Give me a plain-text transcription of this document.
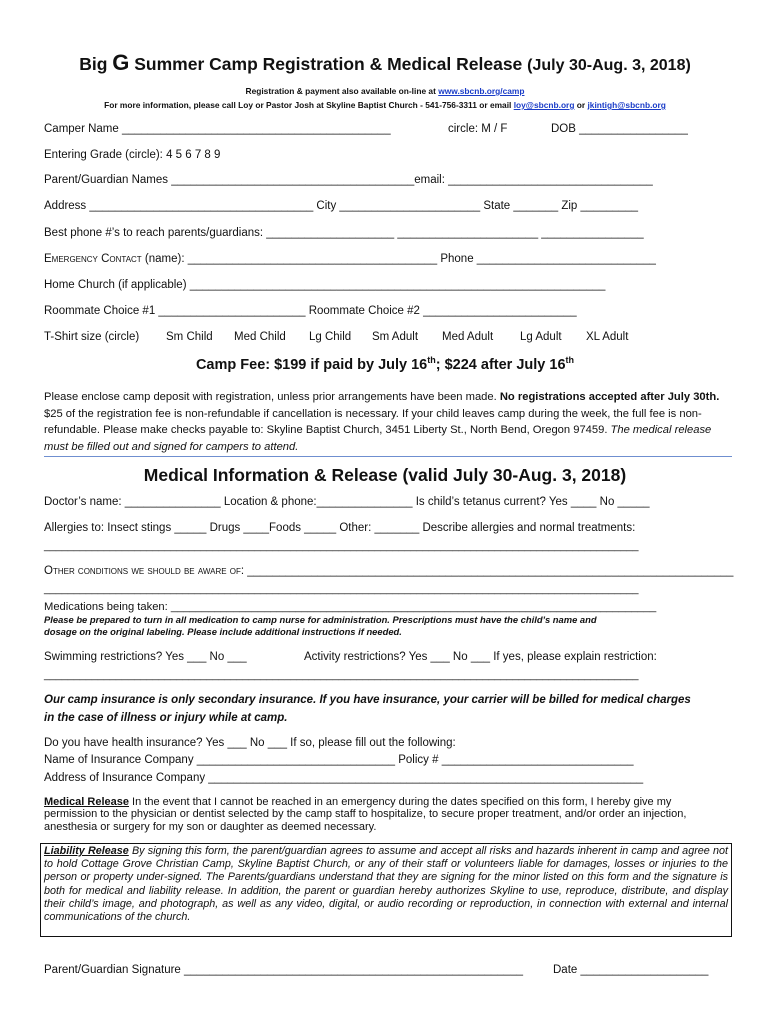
Big G Summer Camp Registration & Medical Release (July 30-Aug. 3, 2018)
Registration & payment also available on-line at www.sbcnb.org/camp
For more information, please call Loy or Pastor Josh at Skyline Baptist Church - 541-756-3311 or email loy@sbcnb.org or jkintigh@sbcnb.org
Camper Name __________________________________________	circle: M / F	DOB _________________
Entering Grade (circle): 4 5 6 7 8 9
Parent/Guardian Names ______________________________________email: ________________________________
Address ___________________________________ City ______________________ State _______ Zip _________
Best phone #’s to reach parents/guardians: ____________________ ______________________ ________________
Emergency Contact (name): _______________________________________ Phone ____________________________
Home Church (if applicable) _________________________________________________________________
Roommate Choice #1 _______________________ Roommate Choice #2 ________________________
T-Shirt size (circle) Sm Child Med Child Lg Child Sm Adult Med Adult Lg Adult XL Adult
Camp Fee: $199 if paid by July 16th; $224 after July 16th
Please enclose camp deposit with registration, unless prior arrangements have been made. No registrations accepted after July 30th. $25 of the registration fee is non-refundable if cancellation is necessary. If your child leaves camp during the week, the full fee is non-refundable. Please make checks payable to: Skyline Baptist Church, 3451 Liberty St., North Bend, Oregon 97459. The medical release must be filled out and signed for campers to attend.
Medical Information & Release (valid July 30-Aug. 3, 2018)
Doctor’s name: _______________ Location & phone:_______________ Is child’s tetanus current? Yes ____ No _____
Allergies to: Insect stings _____ Drugs ____Foods _____ Other: _______ Describe allergies and normal treatments:
___________________________________________________________________________________________________
Other conditions we should be aware of: ____________________________________________________________________________
___________________________________________________________________________________________________
Medications being taken: ______________________________________________________________________________
Please be prepared to turn in all medication to camp nurse for administration. Prescriptions must have the child’s name and
dosage on the original labeling. Please include additional instructions if needed.
Swimming restrictions? Yes ___ No ___	Activity restrictions? Yes ___ No ___ If yes, please explain restriction:
___________________________________________________________________________________________________
Our camp insurance is only secondary insurance. If you have insurance, your carrier will be billed for medical charges
in the case of illness or injury while at camp.
Do you have health insurance? Yes ___ No ___ If so, please fill out the following:
Name of Insurance Company _______________________________ Policy # ______________________________
Address of Insurance Company ____________________________________________________________________
Medical Release In the event that I cannot be reached in an emergency during the dates specified on this form, I hereby give my permission to the physician or dentist selected by the camp staff to hospitalize, to secure proper treatment, and/or order an injection, anesthesia or surgery for my son or daughter as deemed necessary.
Liability Release By signing this form, the parent/guardian agrees to assume and accept all risks and hazards inherent in camp and agree not to hold Cottage Grove Christian Camp, Skyline Baptist Church, or any of their staff or volunteers liable for damages, losses or injuries to the person or property under-signed. The Parents/guardians understand that they are signing for the minor listed on this form and the signature is both for medical and liability release. In addition, the parent or guardian hereby authorizes Skyline to use, reproduce, distribute, and display their child’s image, and photograph, as well as any video, digital, or audio recording or reproduction, in connection with external and internal communications of the church.
Parent/Guardian Signature _____________________________________________________	Date ____________________
